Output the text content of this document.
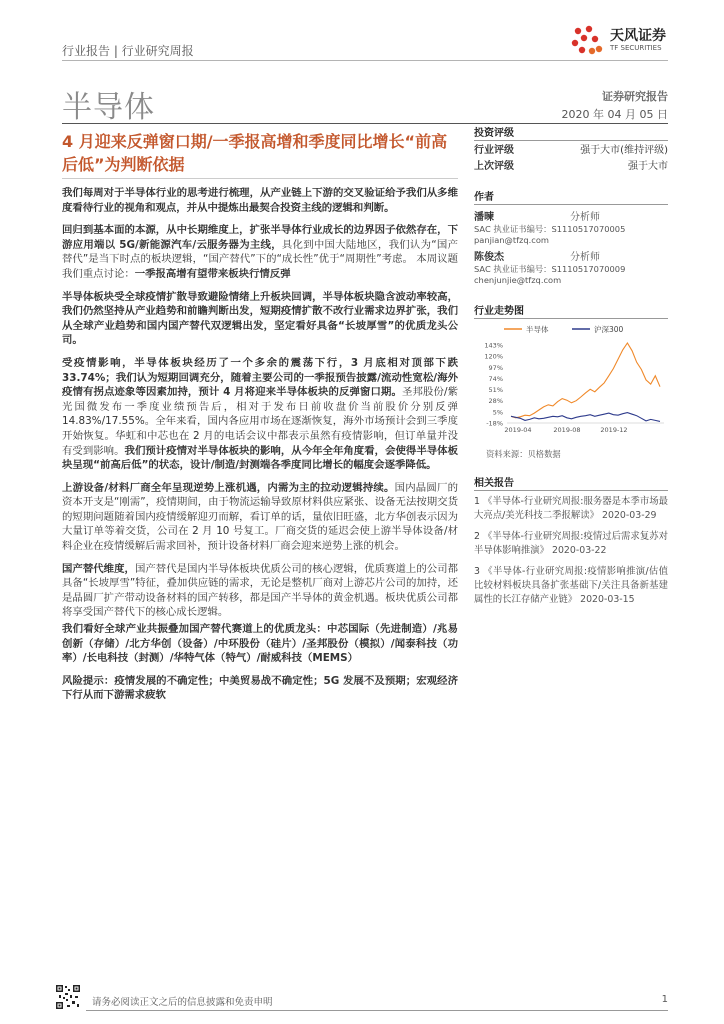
行业报告 | 行业研究周报
天风证券
TF SECURITIES
半导体	证券研究报告
2020 年 04 月 05 日
4 月迎来反弹窗口期/一季报高增和季度同比增长“前高后低”为判断依据

我们每周对于半导体行业的思考进行梳理，从产业链上下游的交叉验证给予我们从多维度看待行业的视角和观点，并从中提炼出最契合投资主线的逻辑和判断。

回归到基本面的本源，从中长期维度上，扩张半导体行业成长的边界因子依然存在，下游应用端以 5G/新能源汽车/云服务器为主线，具化到中国大陆地区，我们认为“国产替代”是当下时点的板块逻辑，“国产替代”下的“成长性”优于“周期性”考虑。 本周议题我们重点讨论：一季报高增有望带来板块行情反弹

半导体板块受全球疫情扩散导致避险情绪上升板块回调，半导体板块隐含波动率较高，我们仍然坚持从产业趋势和前瞻判断出发，短期疫情扩散不改行业需求边界扩张，我们从全球产业趋势和国内国产替代双逻辑出发，坚定看好具备“长坡厚雪”的优质龙头公司。

受疫情影响，半导体板块经历了一个多余的震荡下行，3 月底相对顶部下跌 33.74%；我们认为短期回调充分，随着主要公司的一季报预告披露/流动性宽松/海外疫情有拐点迹象等因素加持，预计 4 月将迎来半导体板块的反弹窗口期。圣邦股份/紫光国微发布一季度业绩预告后，相对于发布日前收盘价当前股价分别反弹 14.83%/17.55%。全年来看，国内各应用市场在逐渐恢复，海外市场预计会到三季度开始恢复。华虹和中芯也在 2 月的电话会议中都表示虽然有疫情影响，但订单量并没有受到影响。我们预计疫情对半导体板块的影响，从今年全年角度看，会使得半导体板块呈现“前高后低”的状态，设计/制造/封测端各季度同比增长的幅度会逐季降低。

上游设备/材料厂商全年呈现逆势上涨机遇，内需为主的拉动逻辑持续。国内晶圆厂的资本开支是“刚需”，疫情期间，由于物流运输导致原材料供应紧张、设备无法按期交货的短期问题随着国内疫情缓解迎刃而解，看订单的话，量依旧旺盛，北方华创表示因为大量订单等着交货，公司在 2 月 10 号复工。厂商交货的延迟会使上游半导体设备/材料企业在疫情缓解后需求回补，预计设备材料厂商会迎来逆势上涨的机会。

国产替代维度，国产替代是国内半导体板块优质公司的核心逻辑，优质赛道上的公司都具备“长坡厚雪”特征，叠加供应链的需求，无论是整机厂商对上游芯片公司的加持，还是晶圆厂扩产带动设备材料的国产转移，都是国产半导体的黄金机遇。板块优质公司都将享受国产替代下的核心成长逻辑。

我们看好全球产业共振叠加国产替代赛道上的优质龙头：中芯国际（先进制造）/兆易创新（存储）/北方华创（设备）/中环股份（硅片）/圣邦股份（模拟）/闻泰科技（功率）/长电科技（封测）/华特气体（特气）/耐威科技（MEMS）

风险提示：疫情发展的不确定性；中美贸易战不确定性；5G 发展不及预期；宏观经济下行从而下游需求疲软

投资评级
行业评级	强于大市(维持评级)
上次评级	强于大市
作者
潘暕	分析师
SAC 执业证书编号：S1110517070005
panjian@tfzq.com
陈俊杰	分析师
SAC 执业证书编号：S1110517070009
chenjunjie@tfzq.com
行业走势图
半导体	沪深300
143%
120%
97%
74%
51%
28%
5%
-18%
2019-04	2019-08	2019-12
资料来源：贝格数据
相关报告

1 《半导体-行业研究周报:服务器是本季市场最大亮点/美光科技二季报解读》 2020-03-29

2 《半导体-行业研究周报:疫情过后需求复苏对半导体影响推演》 2020-03-22

3 《半导体-行业研究周报:疫情影响推演/估值比较材料板块具备扩张基础下/关注具备新基建属性的长江存储产业链》 2020-03-15

请务必阅读正文之后的信息披露和免责申明	1
